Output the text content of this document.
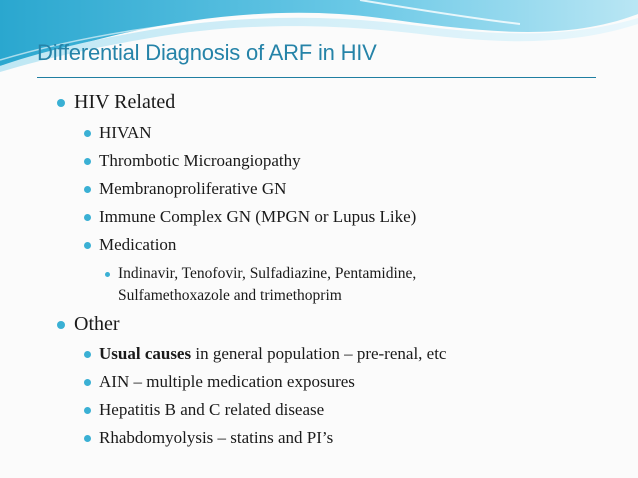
Differential Diagnosis of ARF in HIV
HIV Related
HIVAN
Thrombotic Microangiopathy
Membranoproliferative GN
Immune Complex GN (MPGN or Lupus Like)
Medication
Indinavir, Tenofovir, Sulfadiazine, Pentamidine,
Sulfamethoxazole and trimethoprim
Other
Usual causes in general population – pre-renal, etc
AIN – multiple medication exposures
Hepatitis B and C related disease
Rhabdomyolysis – statins and PI’s
